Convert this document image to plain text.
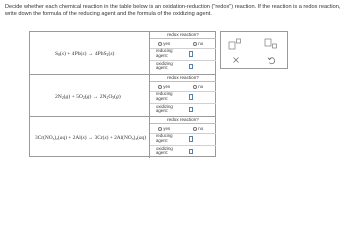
Decide whether each chemical reaction in the table below is an oxidation-reduction ("redox") reaction. If the reaction is a redox reaction, write down the formula of the reducing agent and the formula of the oxidizing agent.
$S_8(s) + 4Pb(s) \to 4PbS_2(s)$
redox reaction?
yes	no
reducing
agent:
oxidizing
agent:
$2N_2(g) + 5O_2(g) \to 2N_2O_5(g)$
redox reaction?
yes	no
reducing
agent:
oxidizing
agent:
$3Cr(NO_3)_2(aq) + 2Al(s) \to 3Cr(s) + 2Al(NO_3)_3(aq)$
redox reaction?
yes	no
reducing
agent:
oxidizing
agent:
